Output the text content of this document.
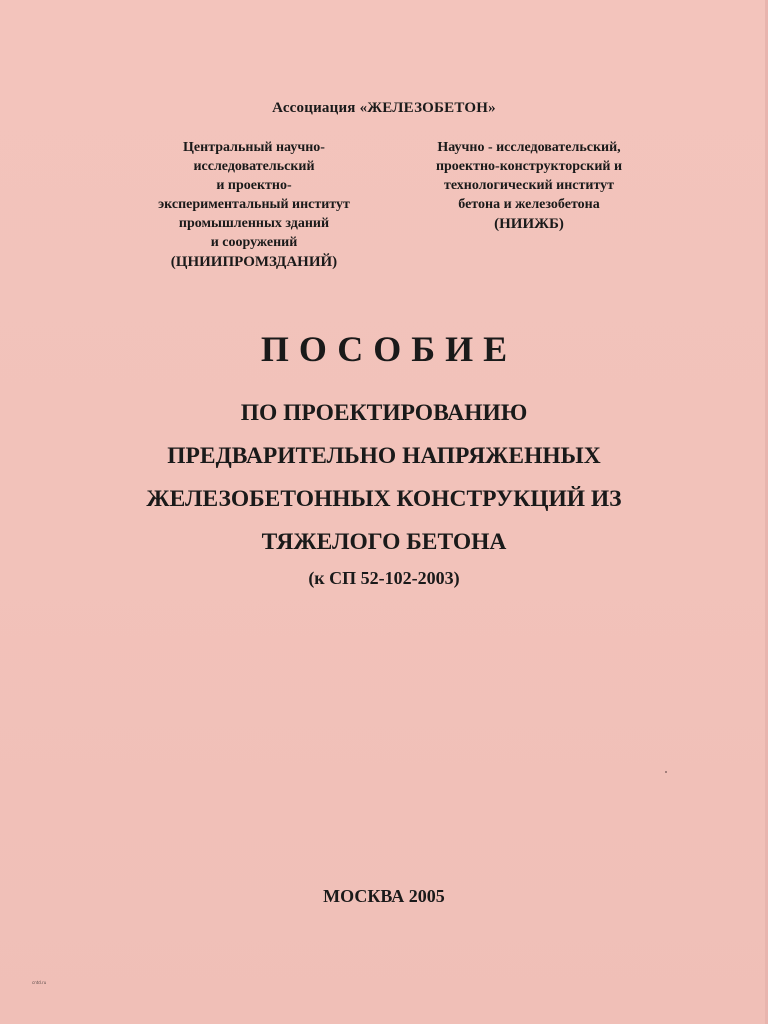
Ассоциация «ЖЕЛЕЗОБЕТОН»
Центральный научно-
исследовательский
и проектно-
экспериментальный институт
промышленных зданий
и сооружений
(ЦНИИПРОМЗДАНИЙ)
Научно - исследовательский,
проектно-конструкторский и
технологический институт
бетона и железобетона
(НИИЖБ)
ПОСОБИЕ
ПО ПРОЕКТИРОВАНИЮ
ПРЕДВАРИТЕЛЬНО НАПРЯЖЕННЫХ
ЖЕЛЕЗОБЕТОННЫХ КОНСТРУКЦИЙ ИЗ
ТЯЖЕЛОГО БЕТОНА
(к СП 52-102-2003)
МОСКВА 2005
cntd.ru
